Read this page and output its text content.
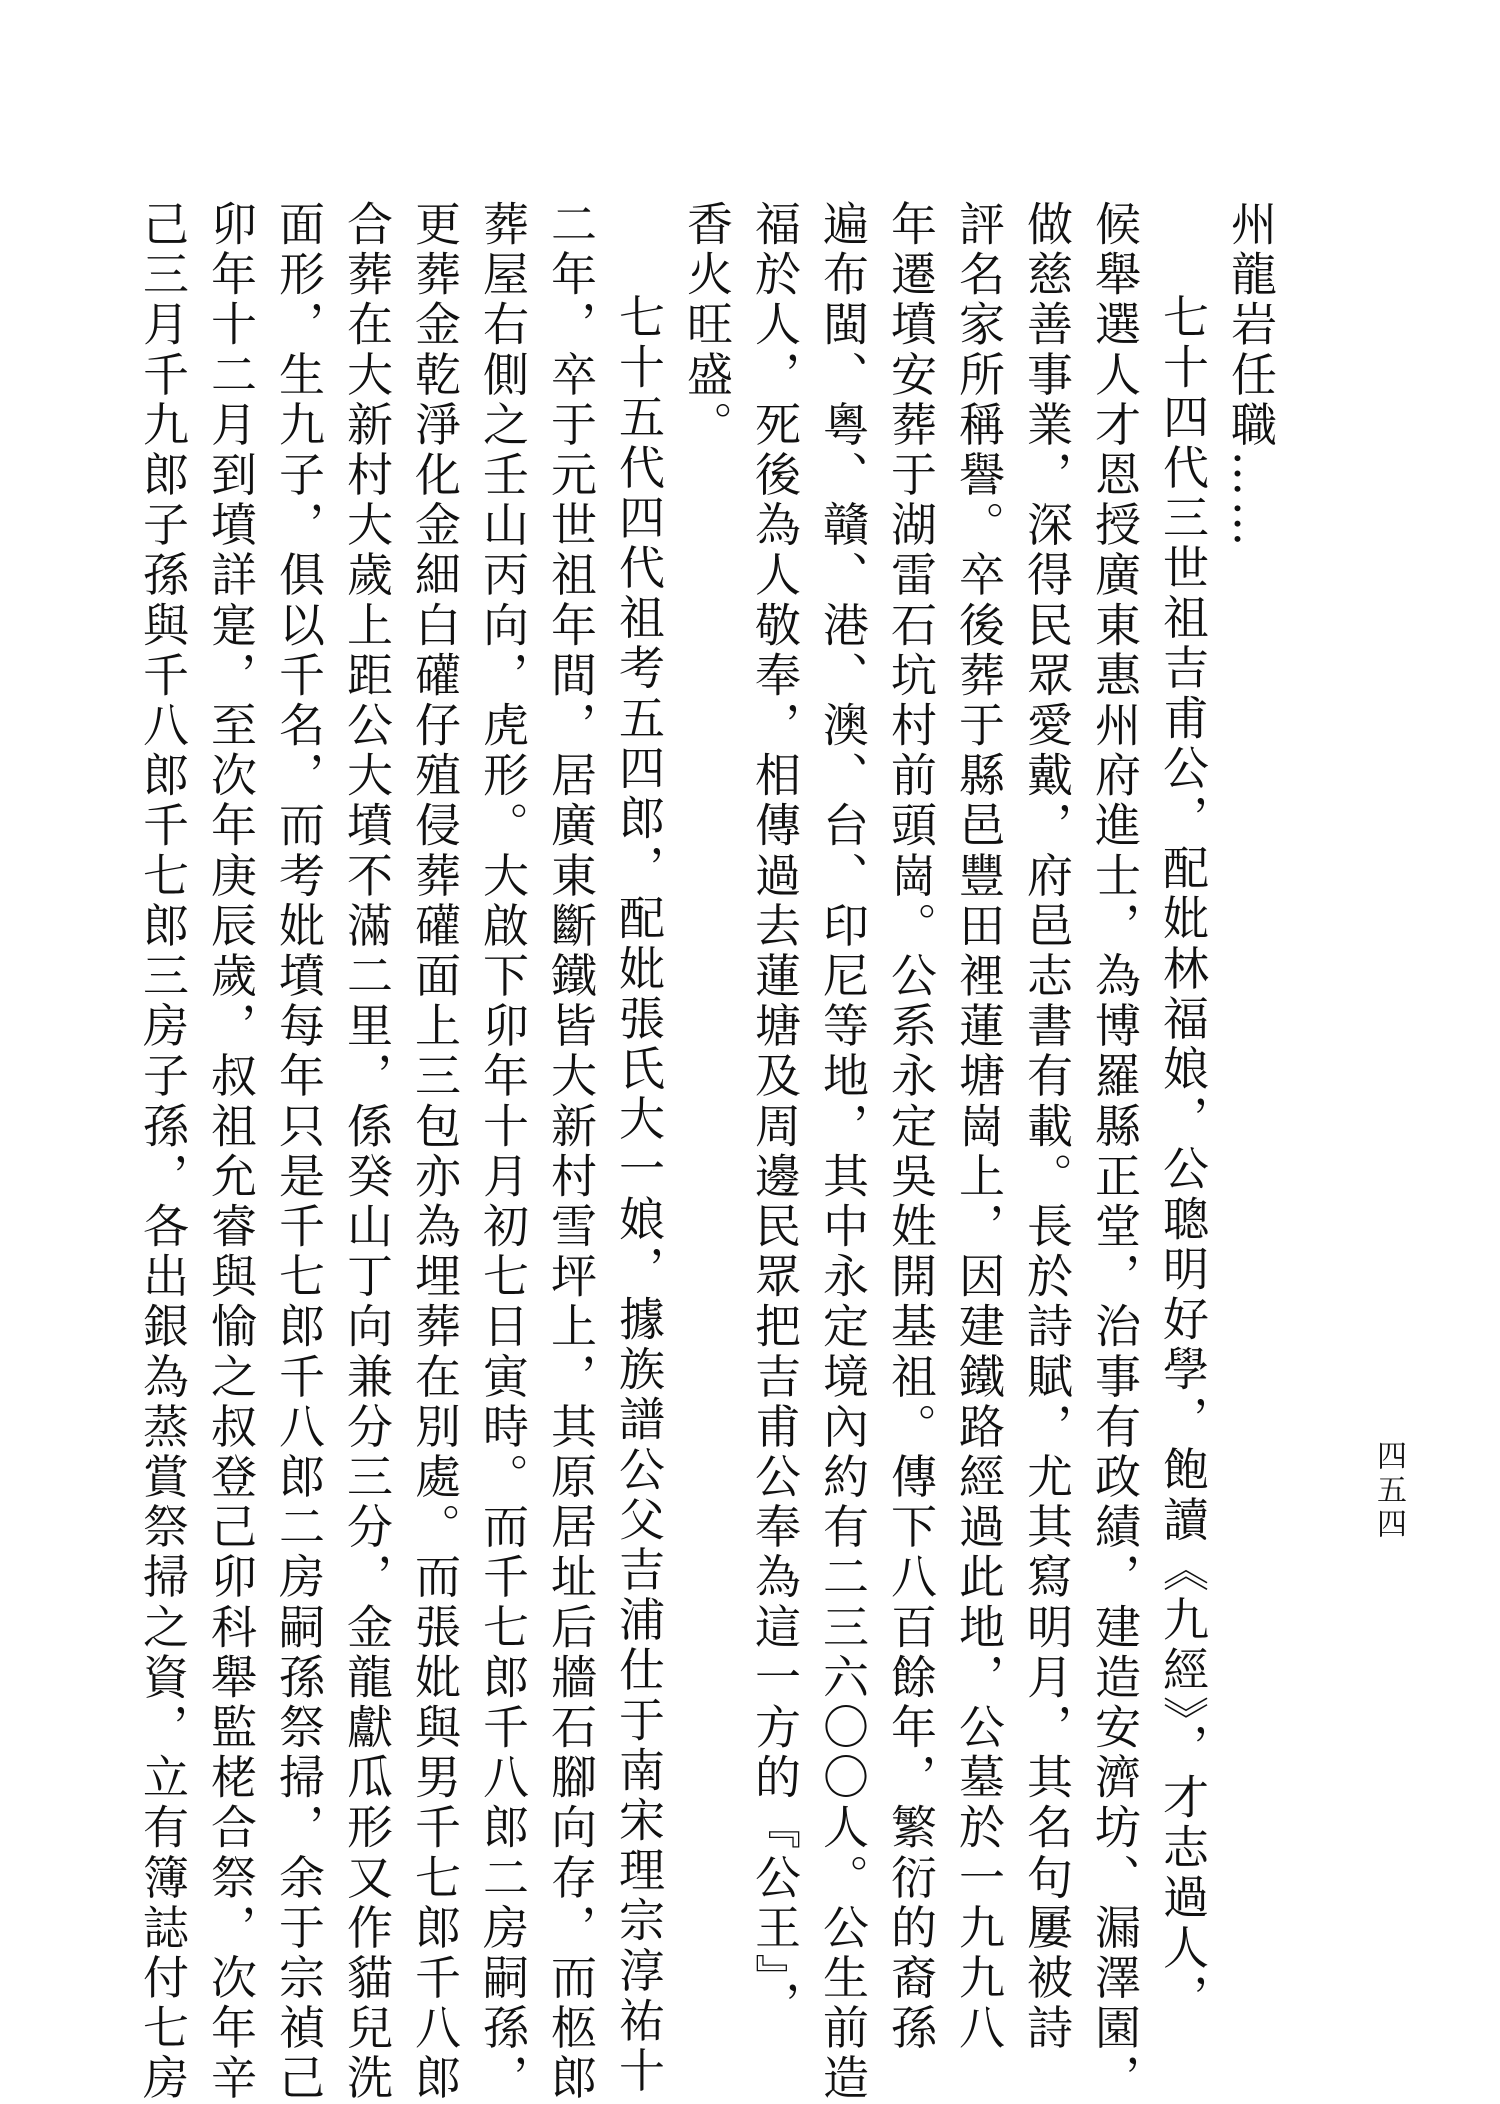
四五四
州龍岩任職……
七十四代三世祖吉甫公，配妣林福娘，公聰明好學，飽讀《九經》，才志過人，
候舉選人才恩授廣東惠州府進士，為博羅縣正堂，治事有政績，建造安濟坊、漏澤園，
做慈善事業，深得民眾愛戴，府邑志書有載。長於詩賦，尤其寫明月，其名句屢被詩
評名家所稱譽。卒後葬于縣邑豐田裡蓮塘崗上，因建鐵路經過此地，公墓於一九九八
年遷墳安葬于湖雷石坑村前頭崗。公系永定吳姓開基祖。傳下八百餘年，繁衍的裔孫
遍布閩、粵、贛、港、澳、台、印尼等地，其中永定境內約有二三六〇〇人。公生前造
福於人，死後為人敬奉，相傳過去蓮塘及周邊民眾把吉甫公奉為這一方的『公王』，
香火旺盛。
七十五代四代祖考五四郎，配妣張氏大一娘，據族譜公父吉浦仕于南宋理宗淳祐十
二年，卒于元世祖年間，居廣東斷鐵皆大新村雪坪上，其原居址后牆石腳向存，而柩郎
葬屋右側之壬山丙向，虎形。大啟下卯年十月初七日寅時。而千七郎千八郎二房嗣孫，
更葬金乾淨化金細白礶仔殖侵葬礶面上三包亦為埋葬在別處。而張妣與男千七郎千八郎
合葬在大新村大歲上距公大墳不滿二里，係癸山丁向兼分三分，金龍獻瓜形又作貓兒洗
面形，生九子，俱以千名，而考妣墳每年只是千七郎千八郎二房嗣孫祭掃，余于宗禎己
卯年十二月到墳詳寔，至次年庚辰歲，叔祖允睿與愉之叔登己卯科舉監栳合祭，次年辛
己三月千九郎子孫與千八郎千七郎三房子孫，各出銀為蒸賞祭掃之資，立有簿誌付七房
